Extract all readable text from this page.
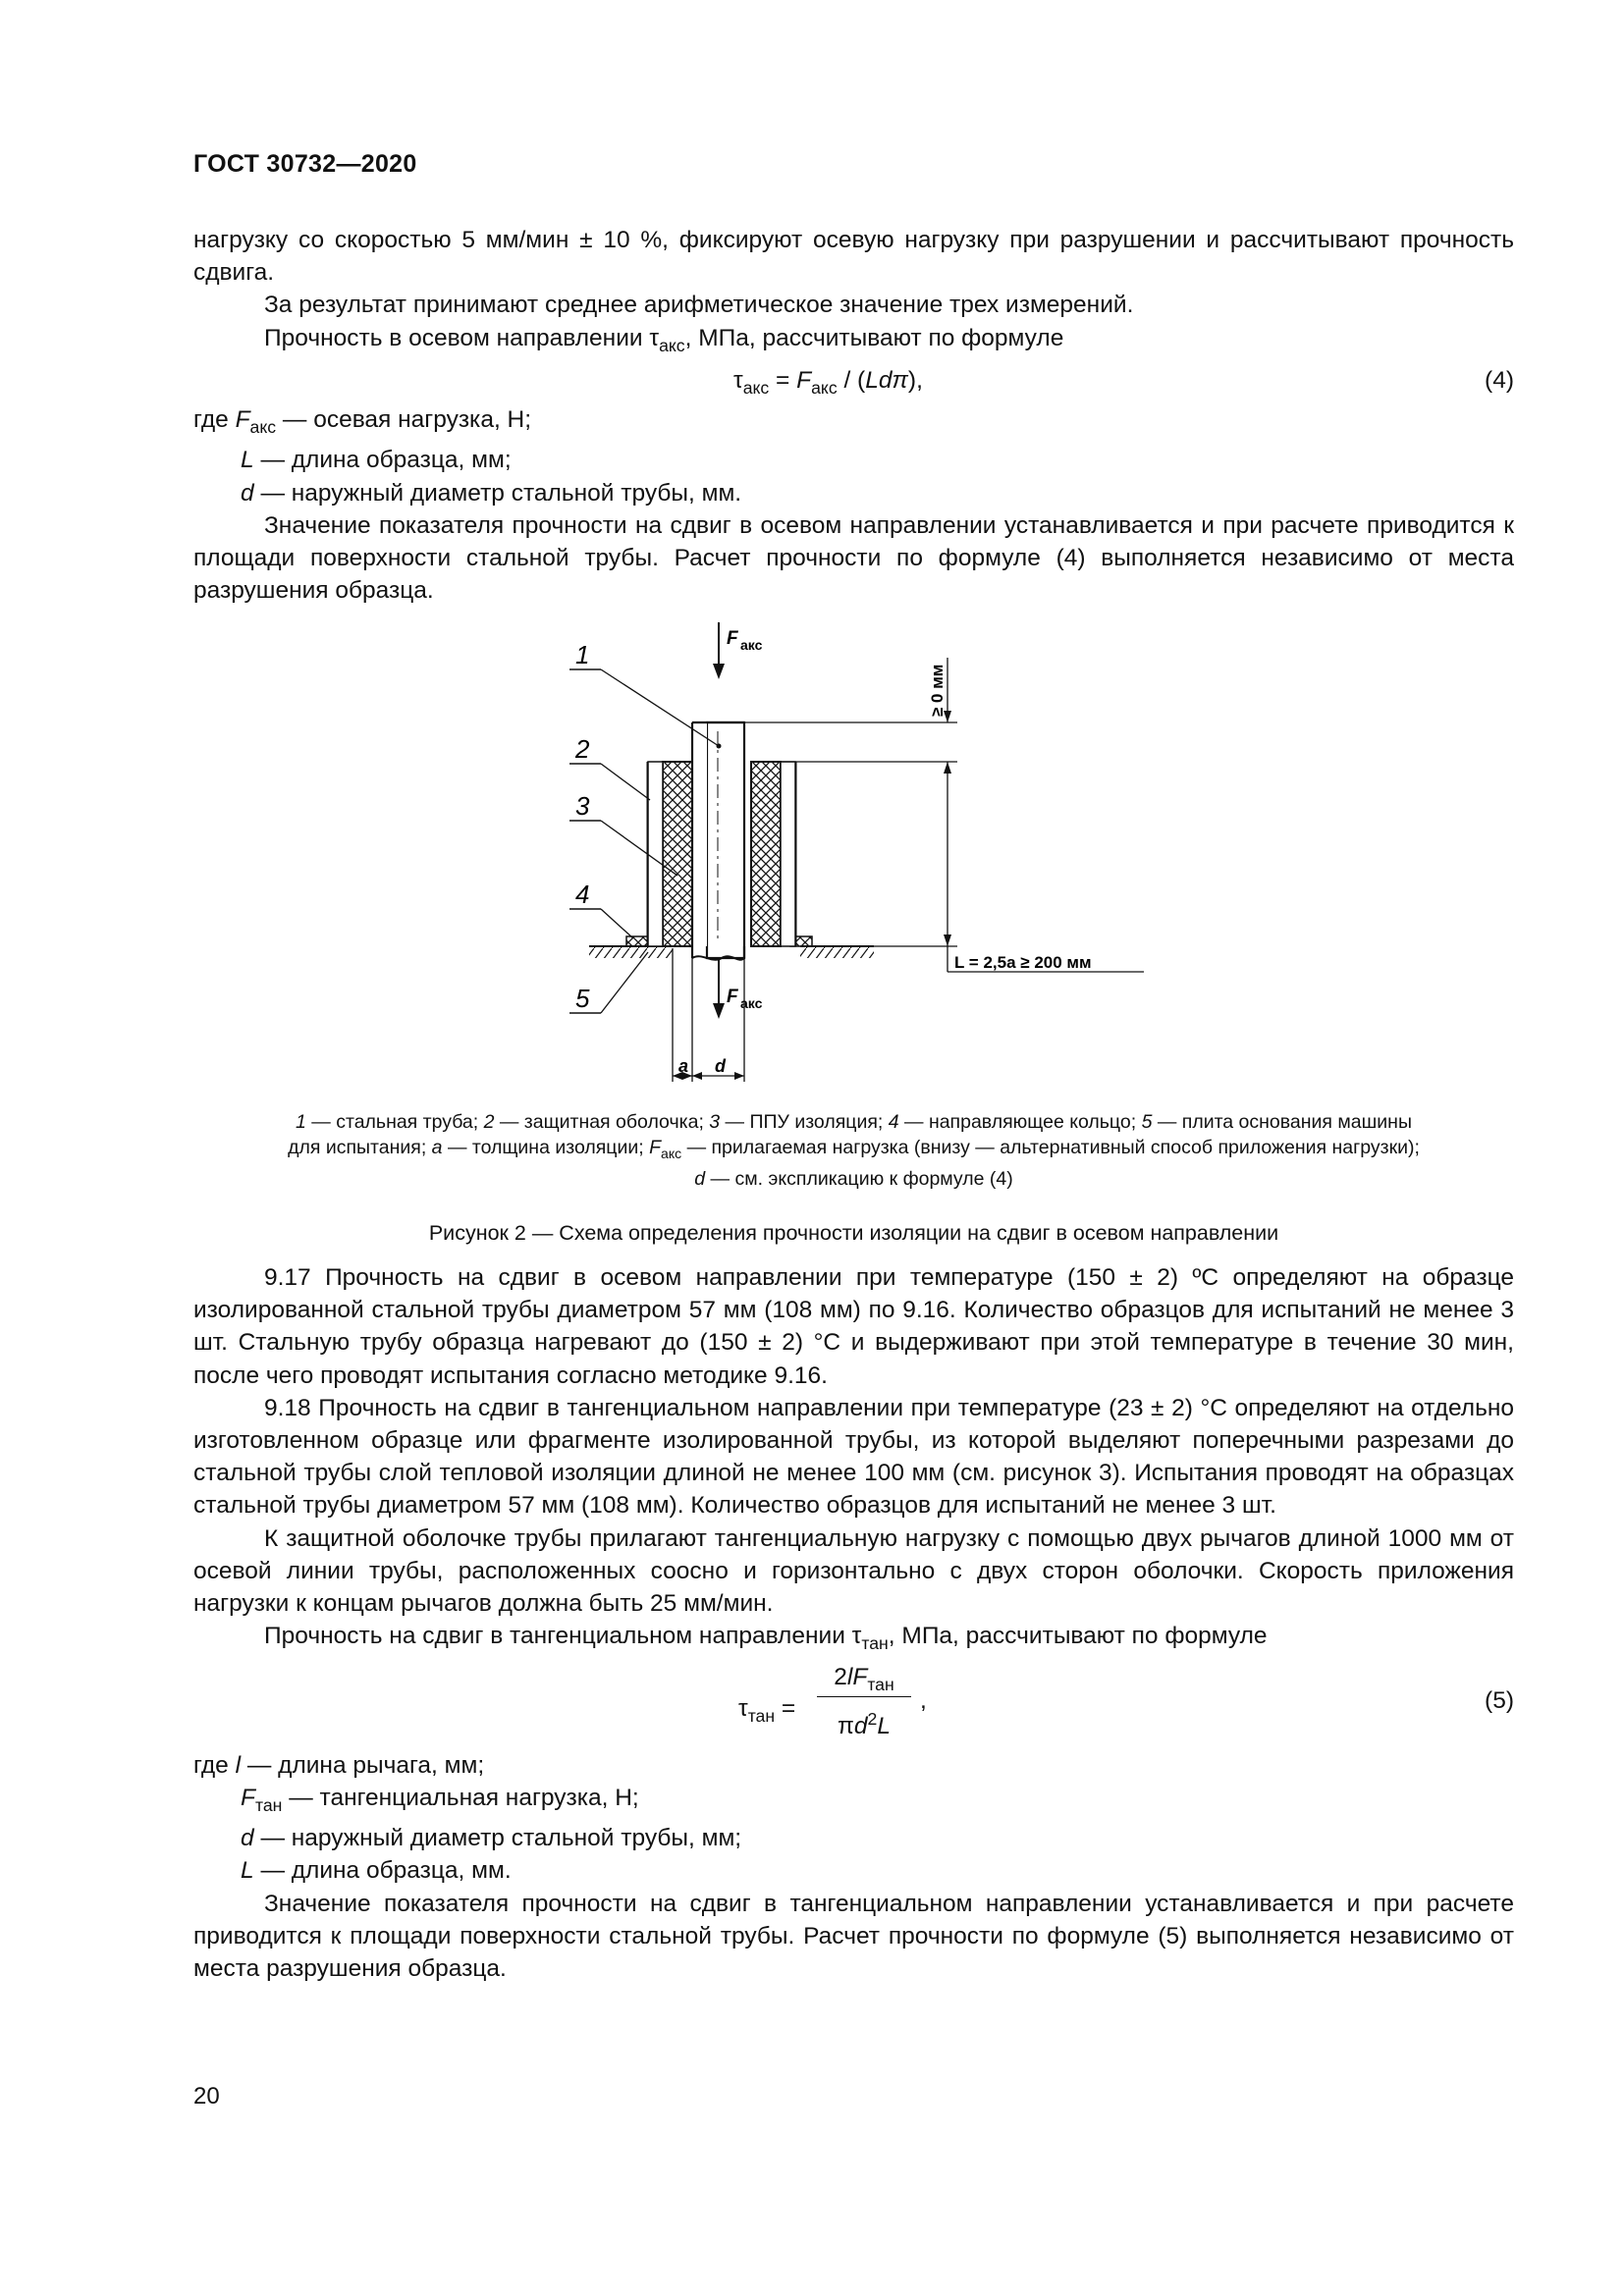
ГОСТ 30732—2020

нагрузку со скоростью 5 мм/мин ± 10 %, фиксируют осевую нагрузку при разрушении и рассчитывают прочность сдвига.

За результат принимают среднее арифметическое значение трех измерений.

Прочность в осевом направлении $\tau_{акс}$, МПа, рассчитывают по формуле

$\tau_{акс} = F_{акс} / (Ld\pi)$,	(4)

где $F_{акс}$ — осевая нагрузка, Н;

L — длина образца, мм;

d — наружный диаметр стальной трубы, мм.

Значение показателя прочности на сдвиг в осевом направлении устанавливается и при расчете приводится к площади поверхности стальной трубы. Расчет прочности по формуле (4) выполняется независимо от места разрушения образца.

F акс
F акс
≥ 0 мм
L = 2,5a ≥ 200 мм
a d
1
2
3
4
5
1 — стальная труба; 2 — защитная оболочка; 3 — ППУ изоляция; 4 — направляющее кольцо; 5 — плита основания машины
для испытания; a — толщина изоляции; $F_{акс}$ — прилагаемая нагрузка (внизу — альтернативный способ приложения нагрузки);
d — см. экспликацию к формуле (4)
Рисунок 2 — Схема определения прочности изоляции на сдвиг в осевом направлении

9.17 Прочность на сдвиг в осевом направлении при температуре (150 ± 2) ºС определяют на образце изолированной стальной трубы диаметром 57 мм (108 мм) по 9.16. Количество образцов для испытаний не менее 3 шт. Стальную трубу образца нагревают до (150 ± 2) °С и выдерживают при этой температуре в течение 30 мин, после чего проводят испытания согласно методике 9.16.

9.18 Прочность на сдвиг в тангенциальном направлении при температуре (23 ± 2) °С определяют на отдельно изготовленном образце или фрагменте изолированной трубы, из которой выделяют поперечными разрезами до стальной трубы слой тепловой изоляции длиной не менее 100 мм (см. рисунок 3). Испытания проводят на образцах стальной трубы диаметром 57 мм (108 мм). Количество образцов для испытаний не менее 3 шт.

К защитной оболочке трубы прилагают тангенциальную нагрузку с помощью двух рычагов длиной 1000 мм от осевой линии трубы, расположенных соосно и горизонтально с двух сторон оболочки. Скорость приложения нагрузки к концам рычагов должна быть 25 мм/мин.

Прочность на сдвиг в тангенциальном направлении $\tau_{тан}$, МПа, рассчитывают по формуле

$\tau_{тан}$ =
$2lF_{тан}$
$\pi d^2L$
,	(5)

где l — длина рычага, мм;

$F_{тан}$ — тангенциальная нагрузка, Н;

d — наружный диаметр стальной трубы, мм;

L — длина образца, мм.

Значение показателя прочности на сдвиг в тангенциальном направлении устанавливается и при расчете приводится к площади поверхности стальной трубы. Расчет прочности по формуле (5) выполняется независимо от места разрушения образца.

20
